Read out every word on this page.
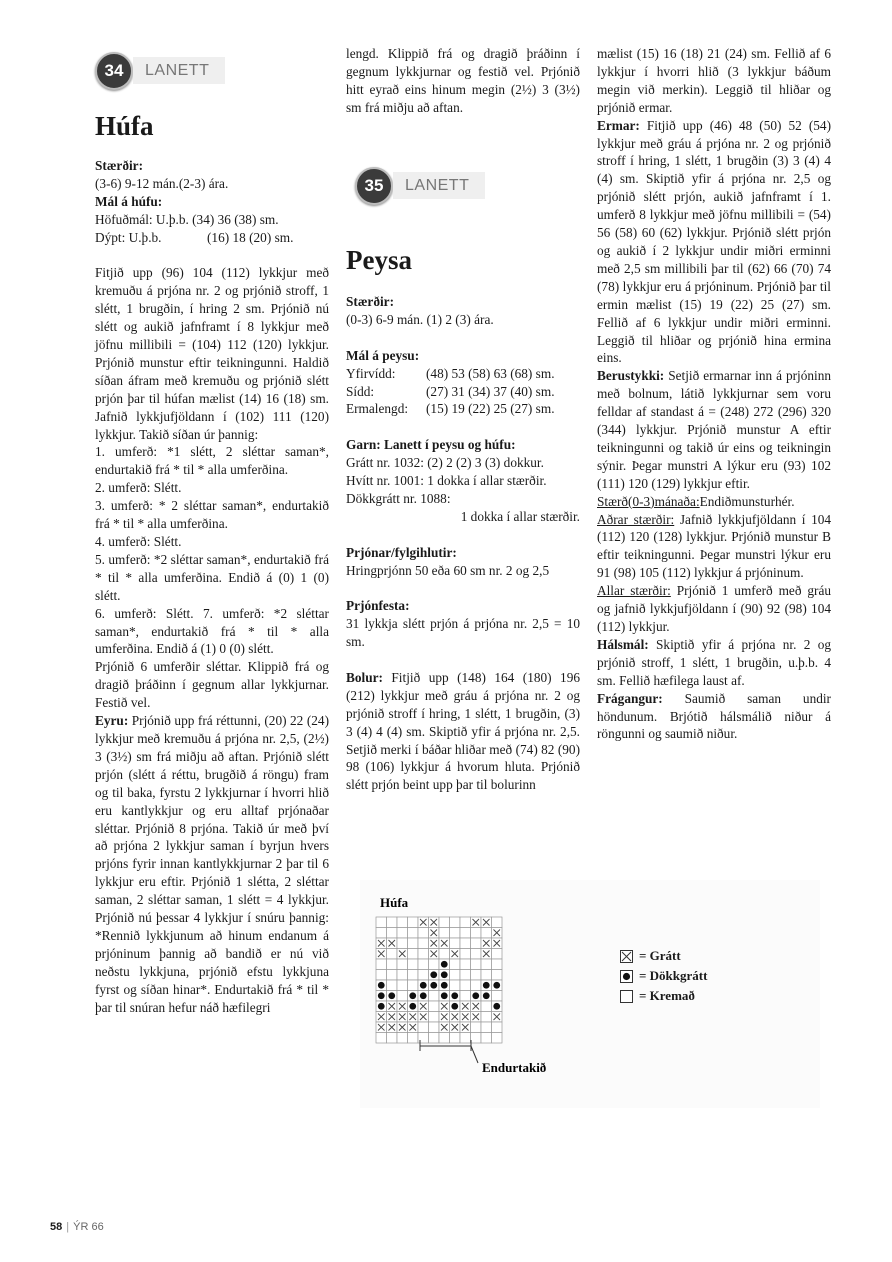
34	LANETT
Húfa

Stærðir:

(3-6) 9-12 mán.(2-3) ára.

Mál á húfu:

Höfuðmál: U.þ.b. (34) 36 (38) sm.

Dýpt: U.þ.b.	(16) 18 (20) sm.

Fitjið upp (96) 104 (112) lykkjur með kremuðu á prjóna nr. 2 og prjónið stroff, 1 slétt, 1 brugðin, í hring 2 sm. Prjónið nú slétt og aukið jafnframt í 8 lykkjur með jöfnu millibili = (104) 112 (120) lykkjur. Prjónið munstur eftir teikningunni. Haldið síðan áfram með kremuðu og prjónið slétt prjón þar til húfan mælist (14) 16 (18) sm. Jafnið lykkjufjöldann í (102) 111 (120) lykkjur. Takið síðan úr þannig:

1. umferð: *1 slétt, 2 sléttar saman*, endurtakið frá * til * alla umferðina.

2. umferð: Slétt.

3. umferð: * 2 sléttar saman*, endurtakið frá * til * alla umferðina.

4. umferð: Slétt.

5. umferð: *2 sléttar saman*, endurtakið frá * til * alla umferðina. Endið á (0) 1 (0) slétt.

6. umferð: Slétt. 7. umferð: *2 sléttar saman*, endurtakið frá * til * alla umferðina. Endið á (1) 0 (0) slétt.

Prjónið 6 umferðir sléttar. Klippið frá og dragið þráðinn í gegnum allar lykkjurnar. Festið vel.

Eyru: Prjónið upp frá réttunni, (20) 22 (24) lykkjur með kremuðu á prjóna nr. 2,5, (2½) 3 (3½) sm frá miðju að aftan. Prjónið slétt prjón (slétt á réttu, brugðið á röngu) fram og til baka, fyrstu 2 lykkjurnar í hvorri hlið eru kantlykkjur og eru alltaf prjónaðar sléttar. Prjónið 8 prjóna. Takið úr með því að prjóna 2 lykkjur saman í byrjun hvers prjóns fyrir innan kantlykkjurnar 2 þar til 6 lykkjur eru eftir. Prjónið 1 slétta, 2 sléttar saman, 2 sléttar saman, 1 slétt = 4 lykkjur. Prjónið nú þessar 4 lykkjur í snúru þannig: *Rennið lykkjunum að hinum endanum á prjóninum þannig að bandið er nú við neðstu lykkjuna, prjónið efstu lykkjuna fyrst og síðan hinar*. Endurtakið frá * til * þar til snúran hefur náð hæfilegri

lengd. Klippið frá og dragið þráðinn í gegnum lykkjurnar og festið vel. Prjónið hitt eyrað eins hinum megin (2½) 3 (3½) sm frá miðju að aftan.

35	LANETT
Peysa

Stærðir:

(0-3) 6-9 mán. (1) 2 (3) ára.

Mál á peysu:

Yfirvídd:	(48) 53 (58) 63 (68) sm.

Sídd:	(27) 31 (34) 37 (40) sm.

Ermalengd:	(15) 19 (22) 25 (27) sm.

Garn: Lanett í peysu og húfu:

Grátt nr. 1032: (2) 2 (2) 3 (3) dokkur.

Hvítt nr. 1001: 1 dokka í allar stærðir.

Dökkgrátt nr. 1088:

1 dokka í allar stærðir.

Prjónar/fylgihlutir:

Hringprjónn 50 eða 60 sm nr. 2 og 2,5

Prjónfesta:

31 lykkja slétt prjón á prjóna nr. 2,5 = 10 sm.

Bolur: Fitjið upp (148) 164 (180) 196 (212) lykkjur með gráu á prjóna nr. 2 og prjónið stroff í hring, 1 slétt, 1 brugðin, (3) 3 (4) 4 (4) sm. Skiptið yfir á prjóna nr. 2,5. Setjið merki í báðar hliðar með (74) 82 (90) 98 (106) lykkjur á hvorum hluta. Prjónið slétt prjón beint upp þar til bolurinn

mælist (15) 16 (18) 21 (24) sm. Fellið af 6 lykkjur í hvorri hlið (3 lykkjur báðum megin við merkin). Leggið til hliðar og prjónið ermar.

Ermar: Fitjið upp (46) 48 (50) 52 (54) lykkjur með gráu á prjóna nr. 2 og prjónið stroff í hring, 1 slétt, 1 brugðin (3) 3 (4) 4 (4) sm. Skiptið yfir á prjóna nr. 2,5 og prjónið slétt prjón, aukið jafnframt í 1. umferð 8 lykkjur með jöfnu millibili = (54) 56 (58) 60 (62) lykkjur. Prjónið slétt prjón og aukið í 2 lykkjur undir miðri erminni með 2,5 sm millibili þar til (62) 66 (70) 74 (78) lykkjur eru á prjóninum. Prjónið þar til ermin mælist (15) 19 (22) 25 (27) sm. Fellið af 6 lykkjur undir miðri erminni. Leggið til hliðar og prjónið hina ermina eins.

Berustykki: Setjið ermarnar inn á prjóninn með bolnum, látið lykkjurnar sem voru felldar af standast á = (248) 272 (296) 320 (344) lykkjur. Prjónið munstur A eftir teikningunni og takið úr eins og teikningin sýnir. Þegar munstri A lýkur eru (93) 102 (111) 120 (129) lykkjur eftir.

Stærð(0-3)mánaða:Endiðmunsturhér.

Aðrar stærðir: Jafnið lykkjufjöldann í 104 (112) 120 (128) lykkjur. Prjónið munstur B eftir teikningunni. Þegar munstri lýkur eru 91 (98) 105 (112) lykkjur á prjóninum.

Allar stærðir: Prjónið 1 umferð með gráu og jafnið lykkjufjöldann í (90) 92 (98) 104 (112) lykkjur.

Hálsmál: Skiptið yfir á prjóna nr. 2 og prjónið stroff, 1 slétt, 1 brugðin, u.þ.b. 4 sm. Fellið hæfilega laust af.

Frágangur: Saumið saman undir höndunum. Brjótið hálsmálið niður á röngunni og saumið niður.

Húfa
Endurtakið
= Grátt
= Dökkgrátt
= Kremað
58 | ÝR 66
